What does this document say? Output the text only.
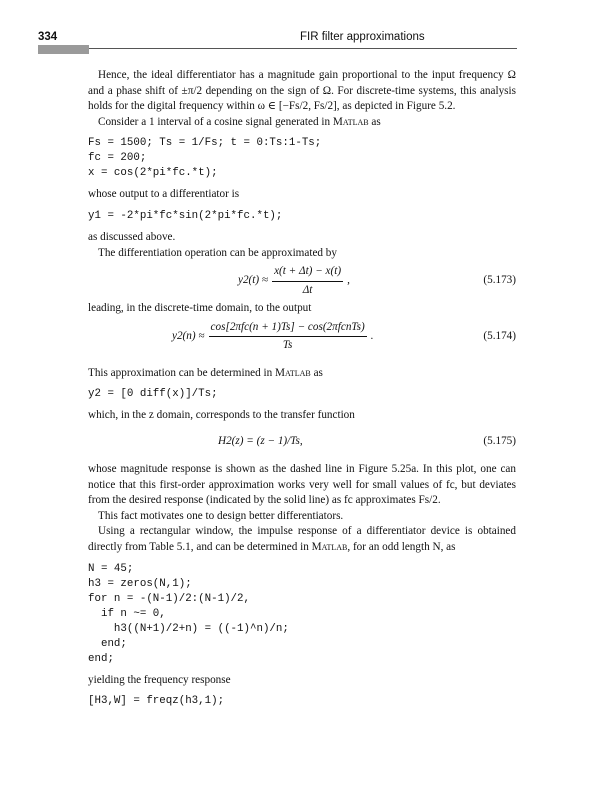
334	FIR filter approximations

Hence, the ideal differentiator has a magnitude gain proportional to the input frequency Ω and a phase shift of ±π/2 depending on the sign of Ω. For discrete-time systems, this analysis holds for the digital frequency within ω ∈ [−Fs/2, Fs/2], as depicted in Figure 5.2.

Consider a 1 interval of a cosine signal generated in Matlab as

Fs = 1500; Ts = 1/Fs; t = 0:Ts:1-Ts;
fc = 200;
x = cos(2*pi*fc.*t);

whose output to a differentiator is

y1 = -2*pi*fc*sin(2*pi*fc.*t);

as discussed above.

The differentiation operation can be approximated by

$y2(t) \approx \frac{x(t + \Delta t) - x(t)}{\Delta t}$ ,	(5.173)

leading, in the discrete-time domain, to the output

$y2(n) \approx \frac{\text{cos[2πfc(n + 1)Ts] − cos(2πfcnTs)}}{Ts}$ .	(5.174)

This approximation can be determined in Matlab as

y2 = [0 diff(x)]/Ts;

which, in the z domain, corresponds to the transfer function

H2(z) = (z − 1)/Ts,	(5.175)

whose magnitude response is shown as the dashed line in Figure 5.25a. In this plot, one can notice that this first-order approximation works very well for small values of fc, but deviates from the desired response (indicated by the solid line) as fc approximates Fs/2.

This fact motivates one to design better differentiators.

Using a rectangular window, the impulse response of a differentiator device is obtained directly from Table 5.1, and can be determined in Matlab, for an odd length N, as

N = 45;
h3 = zeros(N,1);
for n = -(N-1)/2:(N-1)/2,
if n ~= 0,
h3((N+1)/2+n) = ((-1)^n)/n;
end;
end;

yielding the frequency response

[H3,W] = freqz(h3,1);
